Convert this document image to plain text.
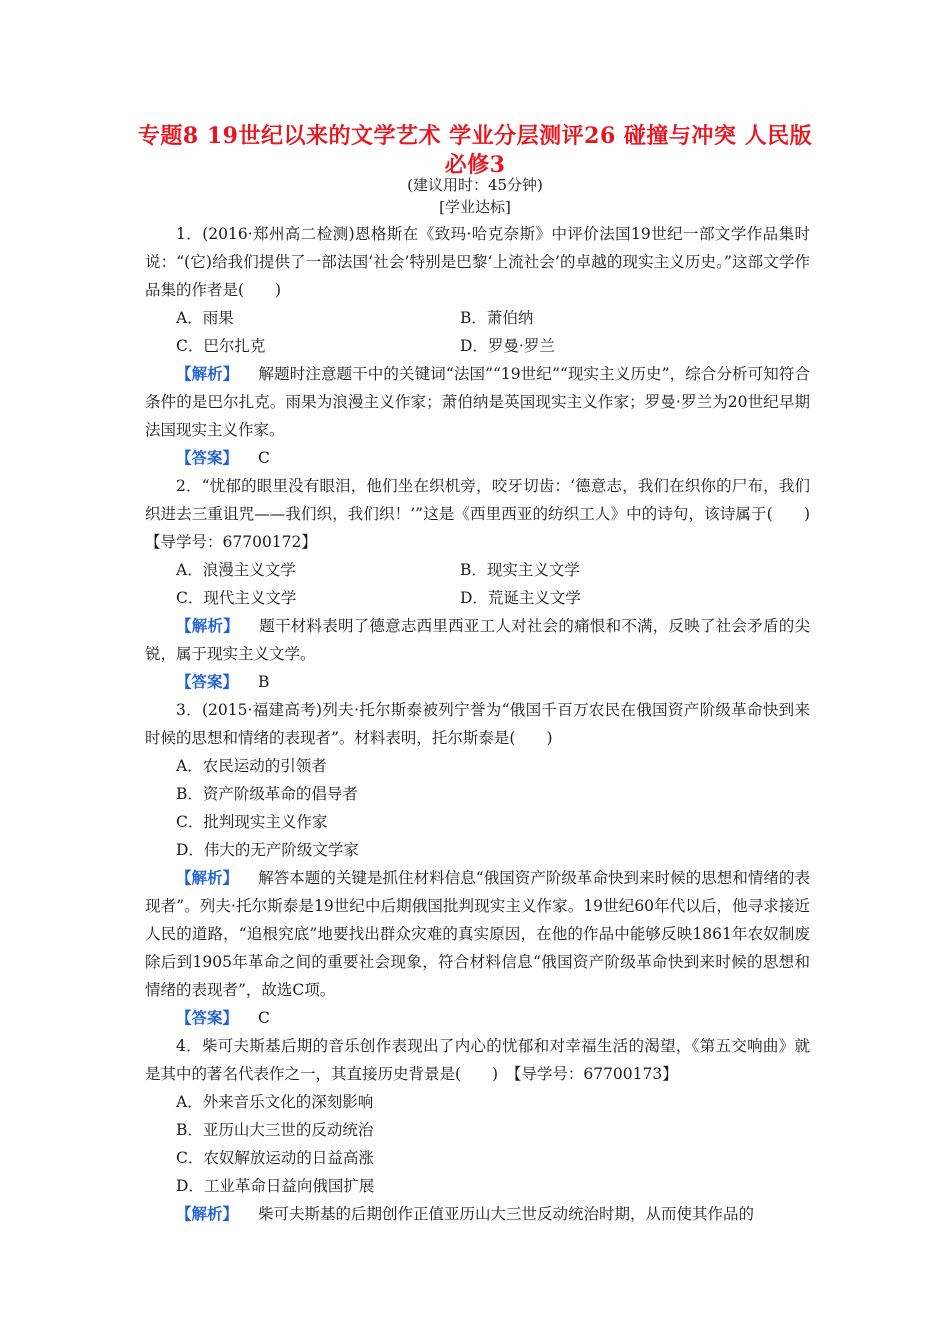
专题8 19世纪以来的文学艺术 学业分层测评26 碰撞与冲突 人民版必修3
(建议用时：45分钟)
[学业达标]

1．(2016·郑州高二检测)恩格斯在《致玛·哈克奈斯》中评价法国19世纪一部文学作品集时说：“(它)给我们提供了一部法国‘社会’特别是巴黎‘上流社会’的卓越的现实主义历史。”这部文学作品集的作者是(　　)

A．雨果	B．萧伯纳
C．巴尔扎克	D．罗曼·罗兰

【解析】 解题时注意题干中的关键词“法国”“19世纪”“现实主义历史”，综合分析可知符合条件的是巴尔扎克。雨果为浪漫主义作家；萧伯纳是英国现实主义作家；罗曼·罗兰为20世纪早期法国现实主义作家。

【答案】 C

2．“忧郁的眼里没有眼泪，他们坐在织机旁，咬牙切齿：‘德意志，我们在织你的尸布，我们织进去三重诅咒——我们织，我们织！’”这是《西里西亚的纺织工人》中的诗句，该诗属于(　　)　【导学号：67700172】

A．浪漫主义文学	B．现实主义文学
C．现代主义文学	D．荒诞主义文学

【解析】 题干材料表明了德意志西里西亚工人对社会的痛恨和不满，反映了社会矛盾的尖锐，属于现实主义文学。

【答案】 B

3．(2015·福建高考)列夫·托尔斯泰被列宁誉为“俄国千百万农民在俄国资产阶级革命快到来时候的思想和情绪的表现者”。材料表明，托尔斯泰是(　　)

A．农民运动的引领者

B．资产阶级革命的倡导者

C．批判现实主义作家

D．伟大的无产阶级文学家

【解析】 解答本题的关键是抓住材料信息“俄国资产阶级革命快到来时候的思想和情绪的表现者”。列夫·托尔斯泰是19世纪中后期俄国批判现实主义作家。19世纪60年代以后，他寻求接近人民的道路，“追根究底”地要找出群众灾难的真实原因，在他的作品中能够反映1861年农奴制废除后到1905年革命之间的重要社会现象，符合材料信息“俄国资产阶级革命快到来时候的思想和情绪的表现者”，故选C项。

【答案】 C

4．柴可夫斯基后期的音乐创作表现出了内心的忧郁和对幸福生活的渴望，《第五交响曲》就是其中的著名代表作之一，其直接历史背景是(　　)　【导学号：67700173】

A．外来音乐文化的深刻影响

B．亚历山大三世的反动统治

C．农奴解放运动的日益高涨

D．工业革命日益向俄国扩展

【解析】 柴可夫斯基的后期创作正值亚历山大三世反动统治时期，从而使其作品的
